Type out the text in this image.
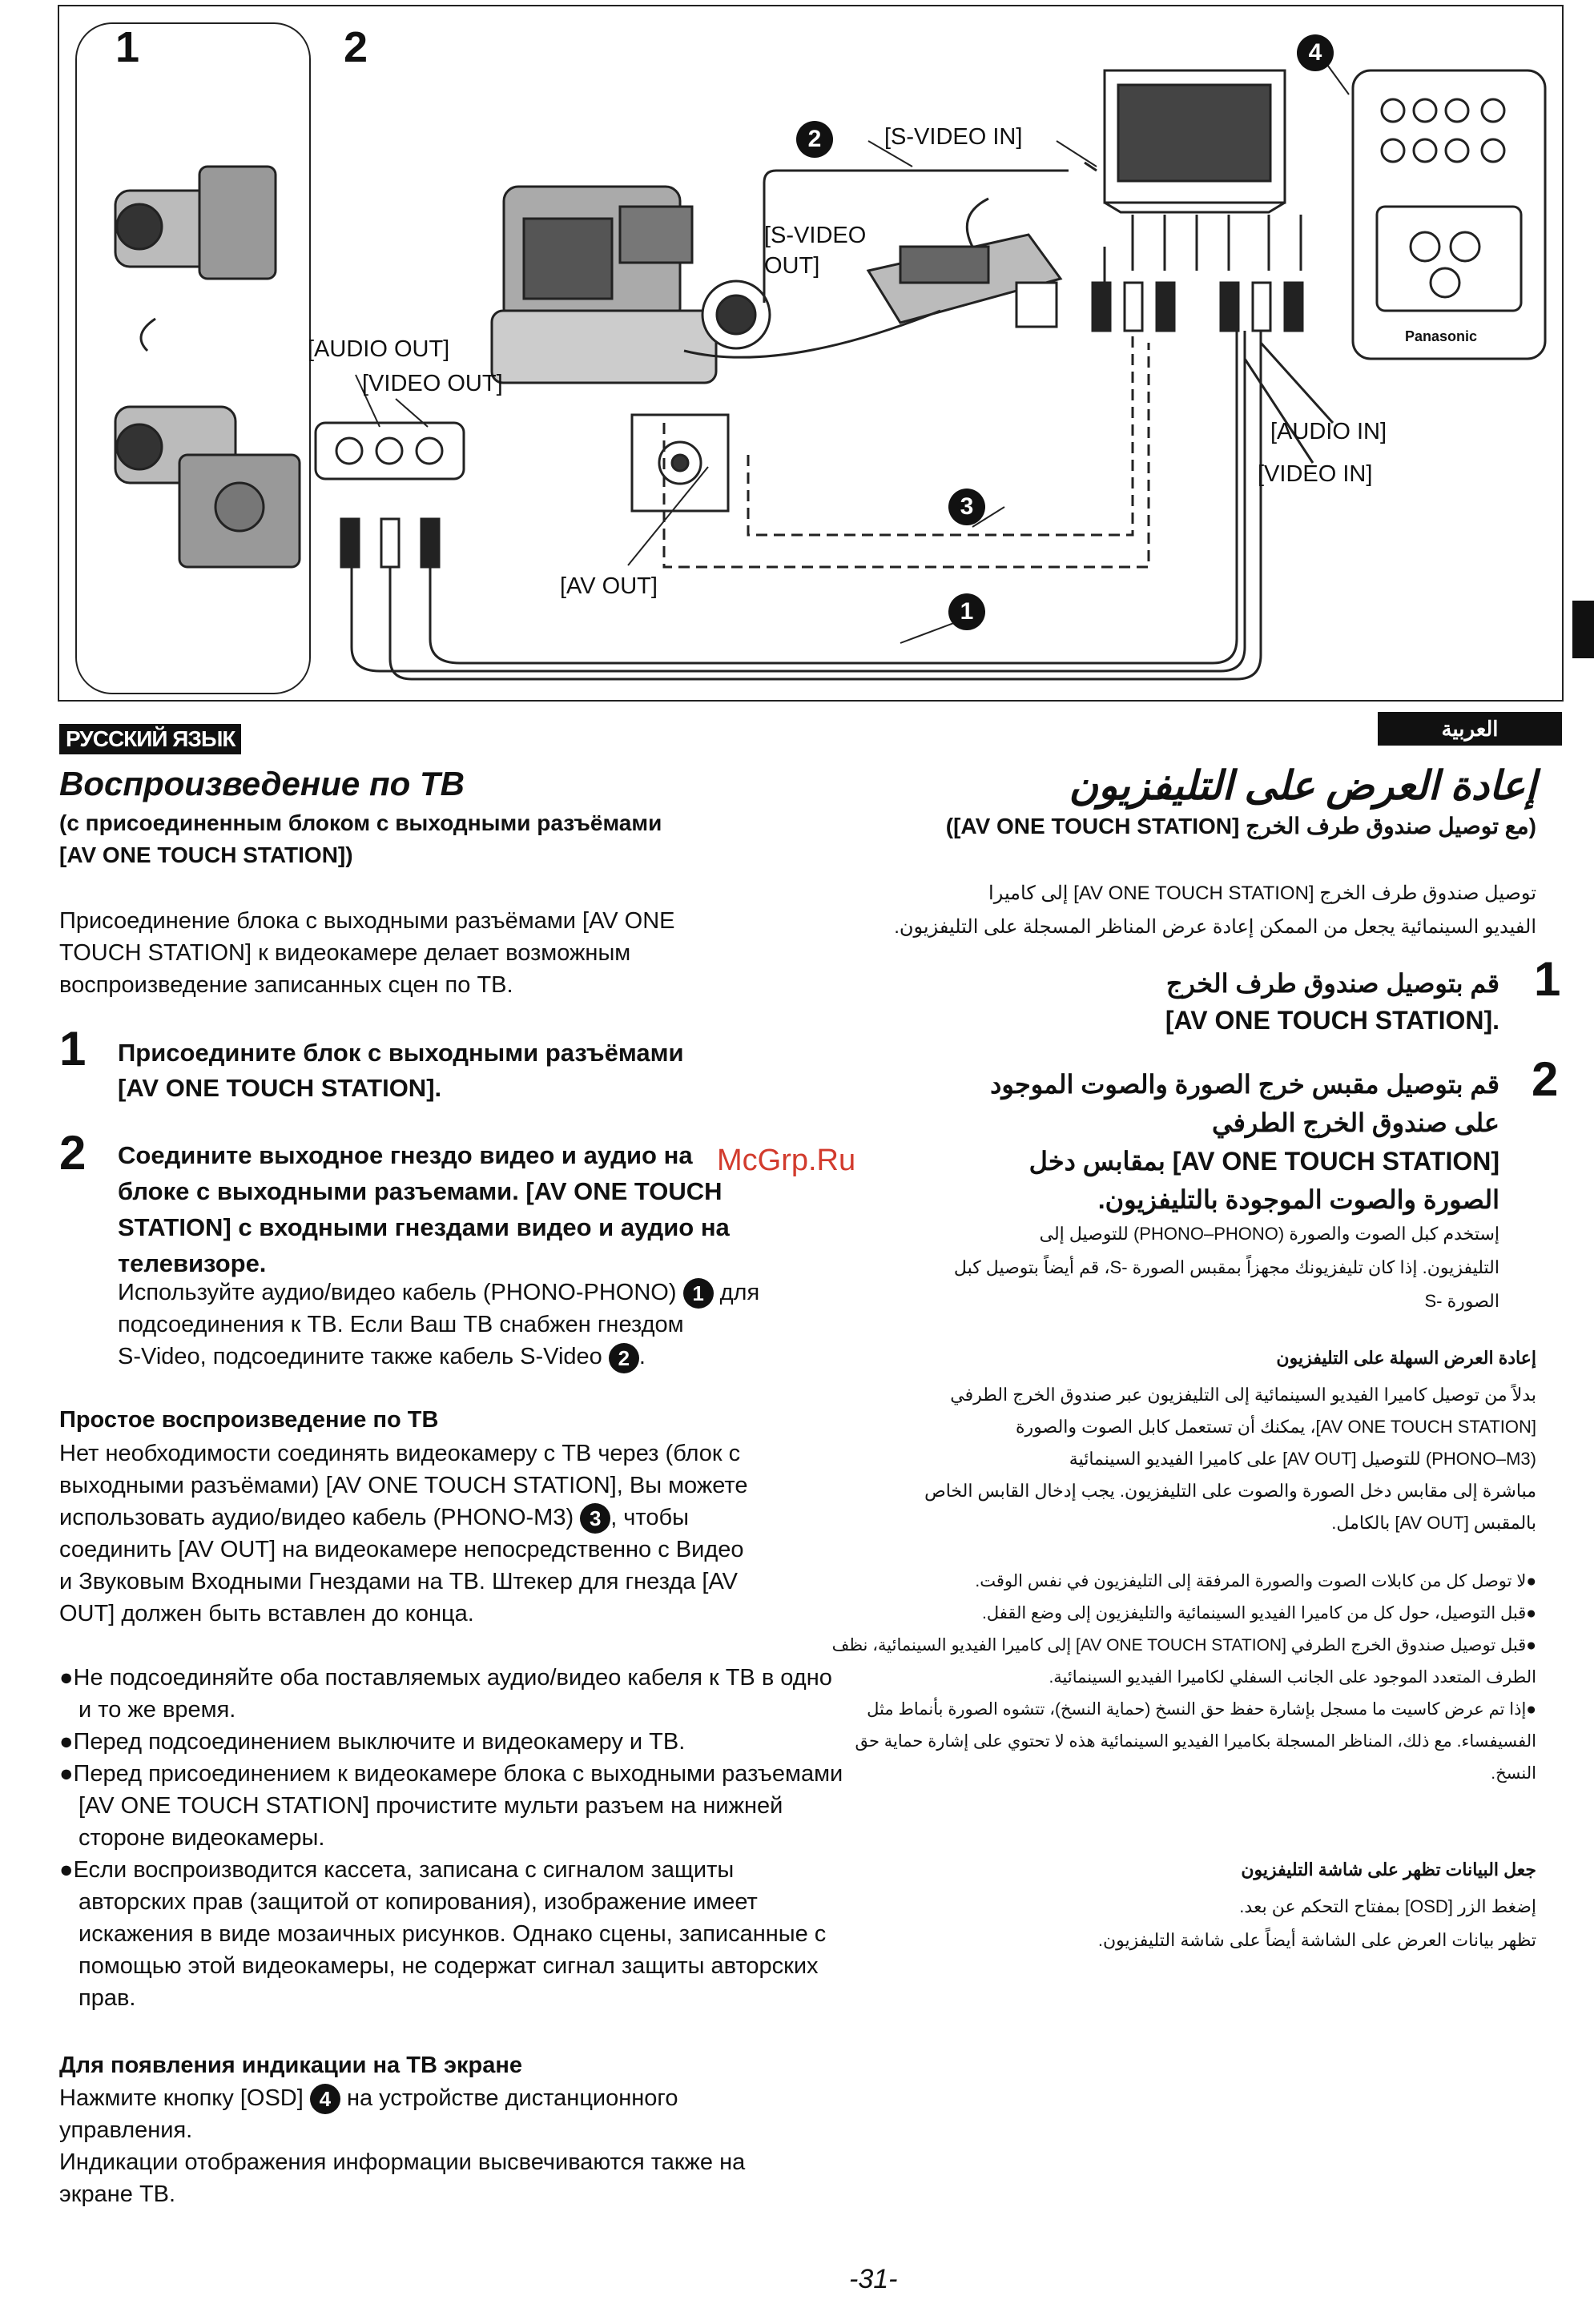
1	2
[S-VIDEO IN]
[S-VIDEO
OUT]
[AUDIO OUT]
[VIDEO OUT]
[AV OUT]
[AUDIO IN]
[VIDEO IN]
1
2
3
4
Panasonic
McGrp.Ru
РУССКИЙ ЯЗЫК
Воспроизведение по ТВ
(с присоединенным блоком с выходными разъёмами
[AV ONE TOUCH STATION])

Присоединение блока с выходными разъёмами [AV ONE

TOUCH STATION] к видеокамере делает возможным

воспроизведение записанных сцен по ТВ.

1 Присоедините блок с выходными разъёмами

[AV ONE TOUCH STATION].

2 Соедините выходное гнездо видео и аудио на

блоке с выходными разъемами. [AV ONE TOUCH

STATION] с входными гнездами видео и аудио на

телевизоре.

Используйте аудио/видео кабель (PHONO-PHONO) 1 для

подсоединения к ТВ. Если Ваш ТВ снабжен гнездом

S-Video, подсоедините также кабель S-Video 2 .

Простое воспроизведение по ТВ

Нет необходимости соединять видеокамеру с ТВ через (блок с

выходными разъёмами) [AV ONE TOUCH STATION], Вы можете

использовать аудио/видео кабель (PHONO-M3) 3 , чтобы

соединить [AV OUT] на видеокамере непосредственно с Видео

и Звуковым Входными Гнездами на ТВ. Штекер для гнезда [AV

OUT] должен быть вставлен до конца.

●Не подсоединяйте оба поставляемых аудио/видео кабеля к ТВ в одно и то же время.

●Перед подсоединением выключите и видеокамеру и ТВ.

●Перед присоединением к видеокамере блока с выходными разъемами [AV ONE TOUCH STATION] прочистите мульти разъем на нижней стороне видеокамеры.

●Если воспроизводится кассета, записана с сигналом защиты авторских прав (защитой от копирования), изображение имеет искажения в виде мозаичных рисунков. Однако сцены, записанные с помощью этой видеокамеры, не содержат сигнал защиты авторских прав.

Для появления индикации на ТВ экране

Нажмите кнопку [OSD] 4 на устройстве дистанционного

управления.

Индикации отображения информации высвечиваются также на

экране ТВ.

العربية
إعادة العرض على التليفزيون
(مع توصيل صندوق طرف الخرج [AV ONE TOUCH STATION])

توصيل صندوق طرف الخرج [AV ONE TOUCH STATION] إلى كاميرا

الفيديو السينمائية يجعل من الممكن إعادة عرض المناظر المسجلة على التليفزيون.

1

قم بتوصيل صندوق طرف الخرج

.[AV ONE TOUCH STATION]

2

قم بتوصيل مقبس خرج الصورة والصوت الموجود

على صندوق الخرج الطرفي

[AV ONE TOUCH STATION] بمقابس دخل

الصورة والصوت الموجودة بالتليفزيون.

إستخدم كبل الصوت والصورة (PHONO–PHONO) للتوصيل إلى

التليفزيون. إذا كان تليفزيونك مجهزاً بمقبس الصورة -S، قم أيضاً بتوصيل كبل

الصورة -S

إعادة العرض السهلة على التليفزيون

بدلاً من توصيل كاميرا الفيديو السينمائية إلى التليفزيون عبر صندوق الخرج الطرفي

[AV ONE TOUCH STATION]، يمكنك أن تستعمل كابل الصوت والصورة

(PHONO–M3) للتوصيل [AV OUT] على كاميرا الفيديو السينمائية

مباشرة إلى مقابس دخل الصورة والصوت على التليفزيون. يجب إدخال القابس الخاص

بالمقبس [AV OUT] بالكامل.

●لا توصل كل من كابلات الصوت والصورة المرفقة إلى التليفزيون في نفس الوقت.

●قبل التوصيل، حول كل من كاميرا الفيديو السينمائية والتليفزيون إلى وضع القفل.

●قبل توصيل صندوق الخرج الطرفي [AV ONE TOUCH STATION] إلى كاميرا الفيديو السينمائية، نظف الطرف المتعدد الموجود على الجانب السفلي لكاميرا الفيديو السينمائية.

●إذا تم عرض كاسيت ما مسجل بإشارة حفظ حق النسخ (حماية النسخ)، تتشوه الصورة بأنماط مثل الفسيفساء. مع ذلك، المناظر المسجلة بكاميرا الفيديو السينمائية هذه لا تحتوي على إشارة حماية حق النسخ.

جعل البيانات تظهر على شاشة التليفزيون

إضغط الزر [OSD] بمفتاح التحكم عن بعد.

تظهر بيانات العرض على الشاشة أيضاً على شاشة التليفزيون.

-31-
